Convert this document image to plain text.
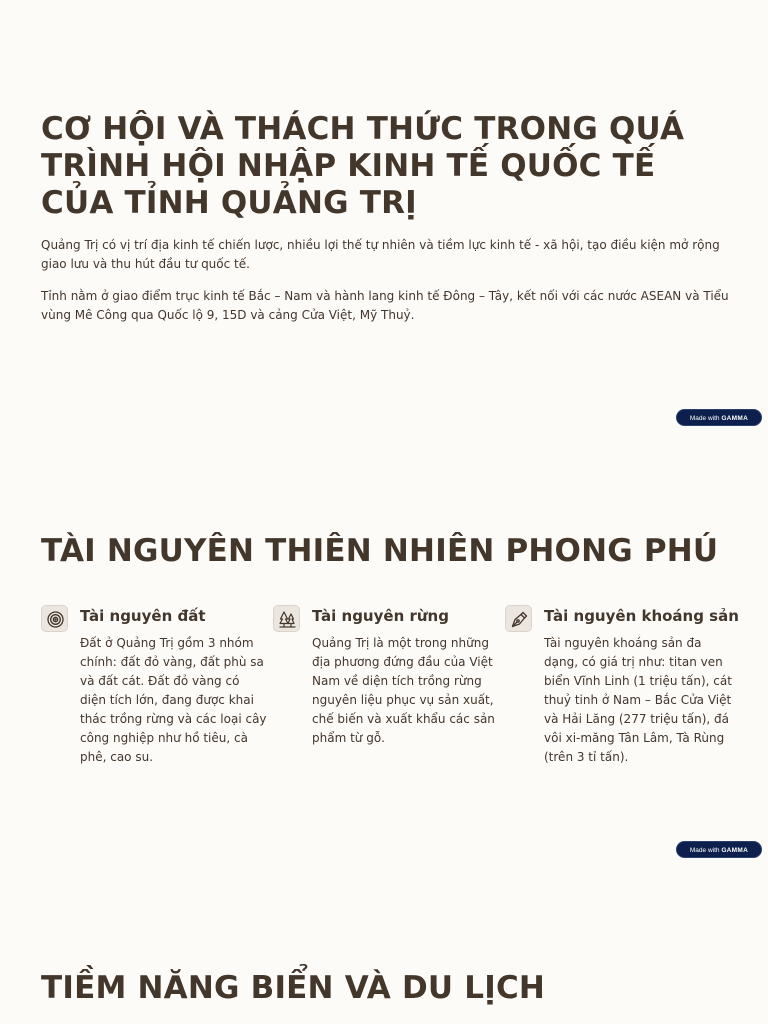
CƠ HỘI VÀ THÁCH THỨC TRONG QUÁ
TRÌNH HỘI NHẬP KINH TẾ QUỐC TẾ
CỦA TỈNH QUẢNG TRỊ

Quảng Trị có vị trí địa kinh tế chiến lược, nhiều lợi thế tự nhiên và tiềm lực kinh tế - xã hội, tạo điều kiện mở rộng giao lưu và thu hút đầu tư quốc tế.

Tỉnh nằm ở giao điểm trục kinh tế Bắc – Nam và hành lang kinh tế Đông – Tây, kết nối với các nước ASEAN và Tiểu vùng Mê Công qua Quốc lộ 9, 15D và cảng Cửa Việt, Mỹ Thuỷ.

Made with GAMMA
TÀI NGUYÊN THIÊN NHIÊN PHONG PHÚ
Tài nguyên đất
Đất ở Quảng Trị gồm 3 nhóm chính: đất đỏ vàng, đất phù sa và đất cát. Đất đỏ vàng có diện tích lớn, đang được khai thác trồng rừng và các loại cây công nghiệp như hồ tiêu, cà phê, cao su.
Tài nguyên rừng
Quảng Trị là một trong những địa phương đứng đầu của Việt Nam về diện tích trồng rừng nguyên liệu phục vụ sản xuất, chế biến và xuất khẩu các sản phẩm từ gỗ.
Tài nguyên khoáng sản
Tài nguyên khoáng sản đa dạng, có giá trị như: titan ven biển Vĩnh Linh (1 triệu tấn), cát thuỷ tinh ở Nam – Bắc Cửa Việt và Hải Lăng (277 triệu tấn), đá vôi xi-măng Tân Lâm, Tà Rùng (trên 3 tỉ tấn).
Made with GAMMA
TIỀM NĂNG BIỂN VÀ DU LỊCH
